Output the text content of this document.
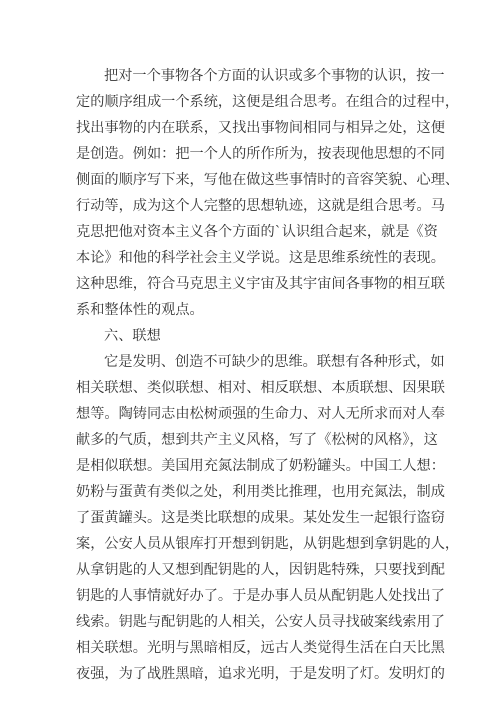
把对一个事物各个方面的认识或多个事物的认识，按一
定的顺序组成一个系统，这便是组合思考。在组合的过程中，
找出事物的内在联系，又找出事物间相同与相异之处，这便
是创造。例如：把一个人的所作所为，按表现他思想的不同
侧面的顺序写下来，写他在做这些事情时的音容笑貌、心理、
行动等，成为这个人完整的思想轨迹，这就是组合思考。马
克思把他对资本主义各个方面的`认识组合起来，就是《资
本论》和他的科学社会主义学说。这是思维系统性的表现。
这种思维，符合马克思主义宇宙及其宇宙间各事物的相互联
系和整体性的观点。
六、联想
它是发明、创造不可缺少的思维。联想有各种形式，如
相关联想、类似联想、相对、相反联想、本质联想、因果联
想等。陶铸同志由松树顽强的生命力、对人无所求而对人奉
献多的气质，想到共产主义风格，写了《松树的风格》，这
是相似联想。美国用充氮法制成了奶粉罐头。中国工人想：
奶粉与蛋黄有类似之处，利用类比推理，也用充氮法，制成
了蛋黄罐头。这是类比联想的成果。某处发生一起银行盗窃
案，公安人员从银库打开想到钥匙，从钥匙想到拿钥匙的人，
从拿钥匙的人又想到配钥匙的人，因钥匙特殊，只要找到配
钥匙的人事情就好办了。于是办事人员从配钥匙人处找出了
线索。钥匙与配钥匙的人相关，公安人员寻找破案线索用了
相关联想。光明与黑暗相反，远古人类觉得生活在白天比黑
夜强，为了战胜黑暗，追求光明，于是发明了灯。发明灯的
